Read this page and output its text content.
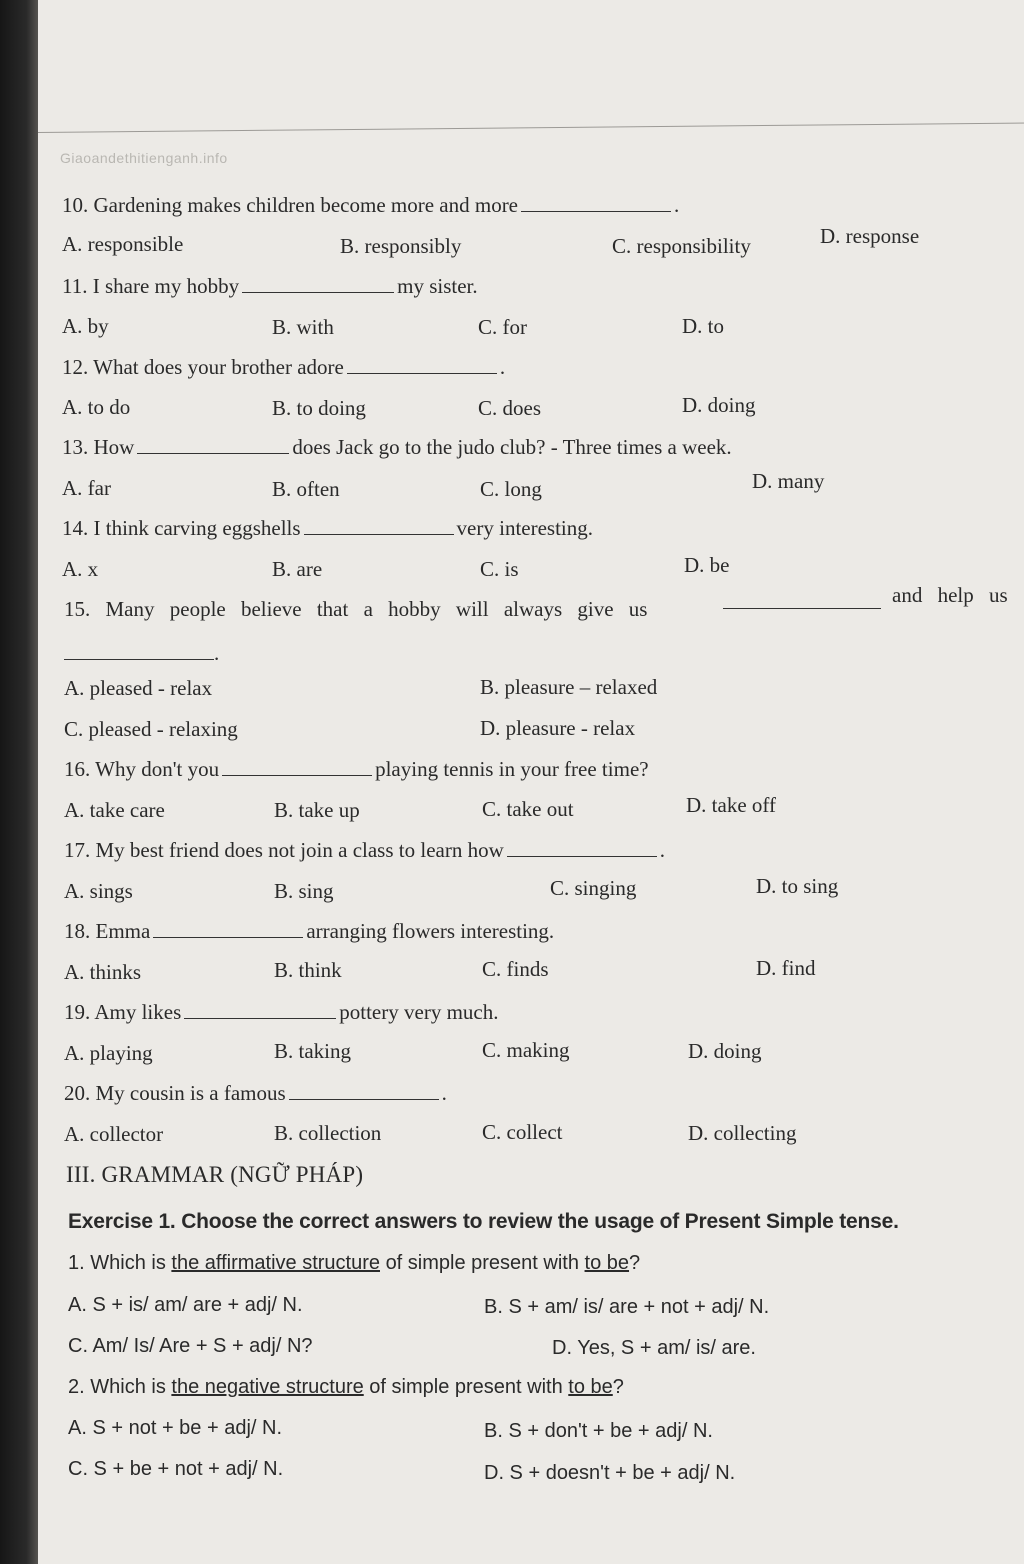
Giaoandethitienganh.info
10. Gardening makes children become more and more	.
A. responsible	B. responsibly	C. responsibility	D. response
11. I share my hobby	my sister.
A. by	B. with	C. for	D. to
12. What does your brother adore	.
A. to do	B. to doing	C. does	D. doing
13. How	does Jack go to the judo club? - Three times a week.
A. far	B. often	C. long	D. many
14. I think carving eggshells	very interesting.
A. x	B. are	C. is	D. be
15. Many people believe that a hobby will always give us
and help us
.
A. pleased - relax	B. pleasure – relaxed
C. pleased - relaxing	D. pleasure - relax
16. Why don't you	playing tennis in your free time?
A. take care	B. take up	C. take out	D. take off
17. My best friend does not join a class to learn how	.
A. sings	B. sing	C. singing	D. to sing
18. Emma	arranging flowers interesting.
A. thinks	B. think	C. finds	D. find
19. Amy likes	pottery very much.
A. playing	B. taking	C. making	D. doing
20. My cousin is a famous	.
A. collector	B. collection	C. collect	D. collecting
III. GRAMMAR (NGỮ PHÁP)
Exercise 1. Choose the correct answers to review the usage of Present Simple tense.
1. Which is the affirmative structure of simple present with to be?
A. S + is/ am/ are + adj/ N.	B. S + am/ is/ are + not + adj/ N.
C. Am/ Is/ Are + S + adj/ N?	D. Yes, S + am/ is/ are.
2. Which is the negative structure of simple present with to be?
A. S + not + be + adj/ N.	B. S + don't + be + adj/ N.
C. S + be + not + adj/ N.	D. S + doesn't + be + adj/ N.
